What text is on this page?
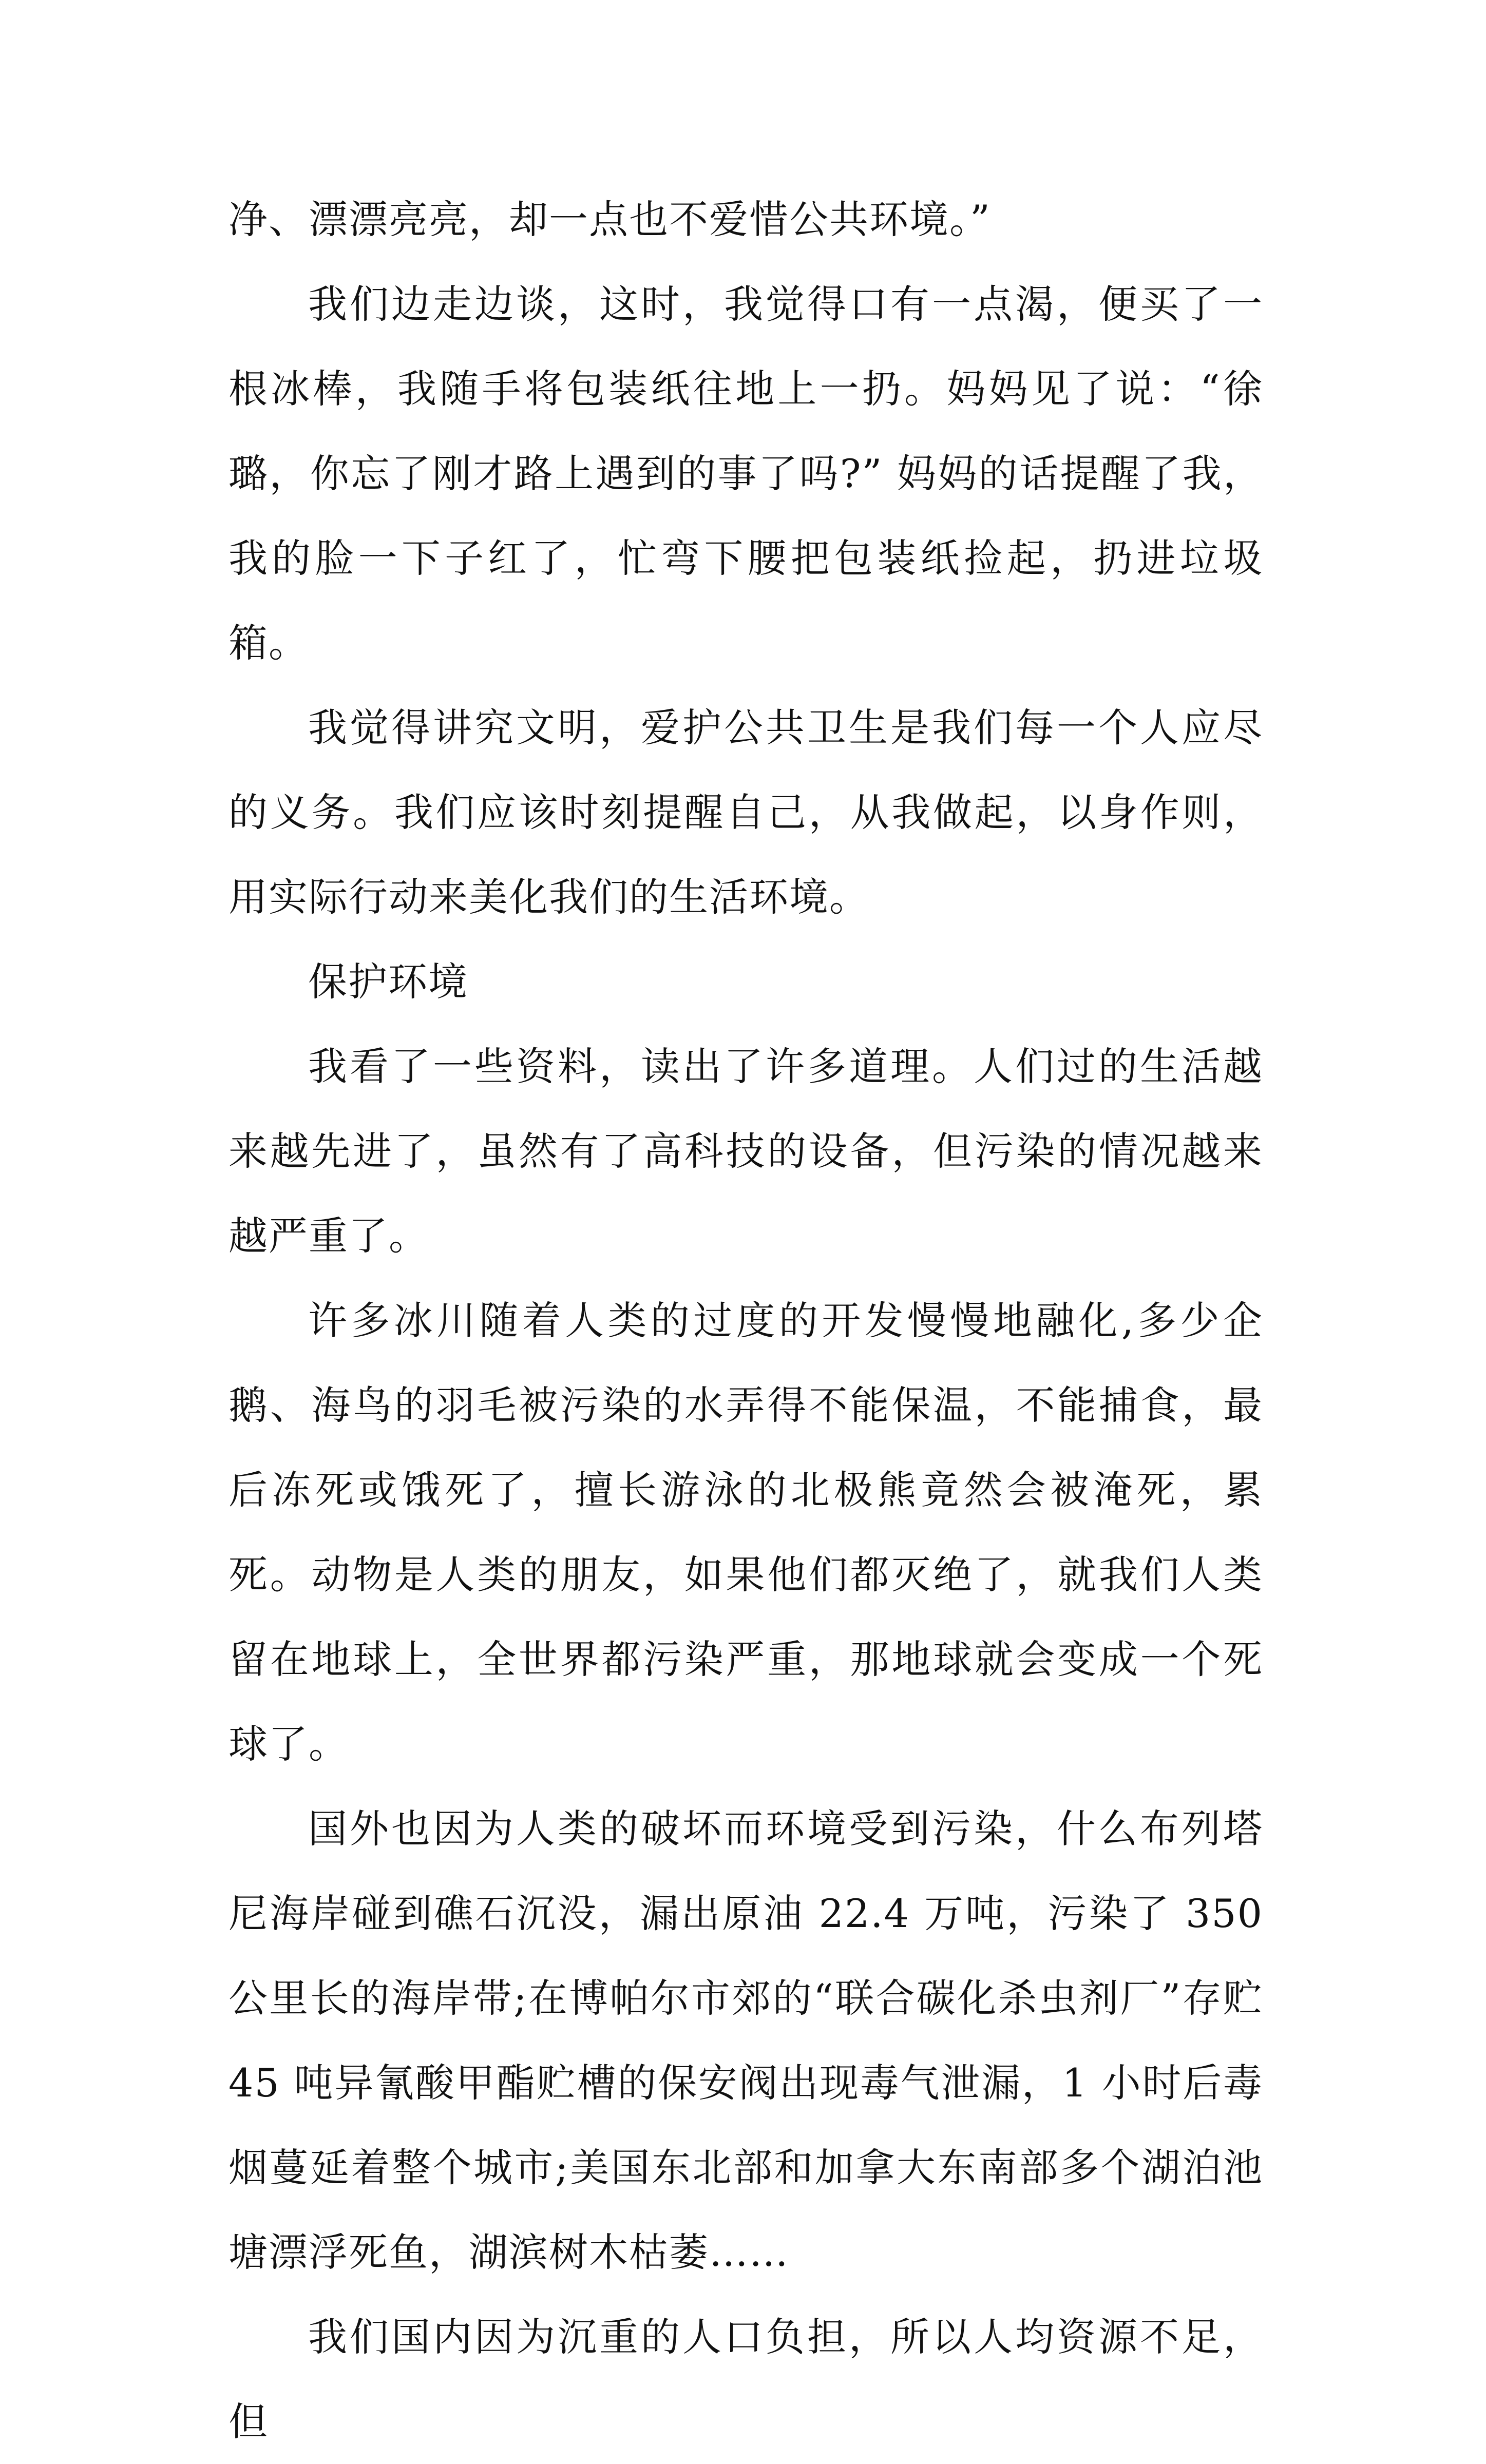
净、漂漂亮亮，却一点也不爱惜公共环境。”

我们边走边谈，这时，我觉得口有一点渴，便买了一根冰棒，我随手将包装纸往地上一扔。妈妈见了说：“徐璐，你忘了刚才路上遇到的事了吗?” 妈妈的话提醒了我，我的脸一下子红了，忙弯下腰把包装纸捡起，扔进垃圾箱。

我觉得讲究文明，爱护公共卫生是我们每一个人应尽的义务。我们应该时刻提醒自己，从我做起，以身作则，用实际行动来美化我们的生活环境。

保护环境

我看了一些资料，读出了许多道理。人们过的生活越来越先进了，虽然有了高科技的设备，但污染的情况越来越严重了。

许多冰川随着人类的过度的开发慢慢地融化,多少企鹅、海鸟的羽毛被污染的水弄得不能保温，不能捕食，最后冻死或饿死了，擅长游泳的北极熊竟然会被淹死，累死。动物是人类的朋友，如果他们都灭绝了，就我们人类留在地球上，全世界都污染严重，那地球就会变成一个死球了。

国外也因为人类的破坏而环境受到污染，什么布列塔尼海岸碰到礁石沉没，漏出原油 22.4 万吨，污染了 350 公里长的海岸带;在博帕尔市郊的“联合碳化杀虫剂厂”存贮 45 吨异氰酸甲酯贮槽的保安阀出现毒气泄漏，1 小时后毒烟蔓延着整个城市;美国东北部和加拿大东南部多个湖泊池塘漂浮死鱼，湖滨树木枯萎……

我们国内因为沉重的人口负担，所以人均资源不足，但
